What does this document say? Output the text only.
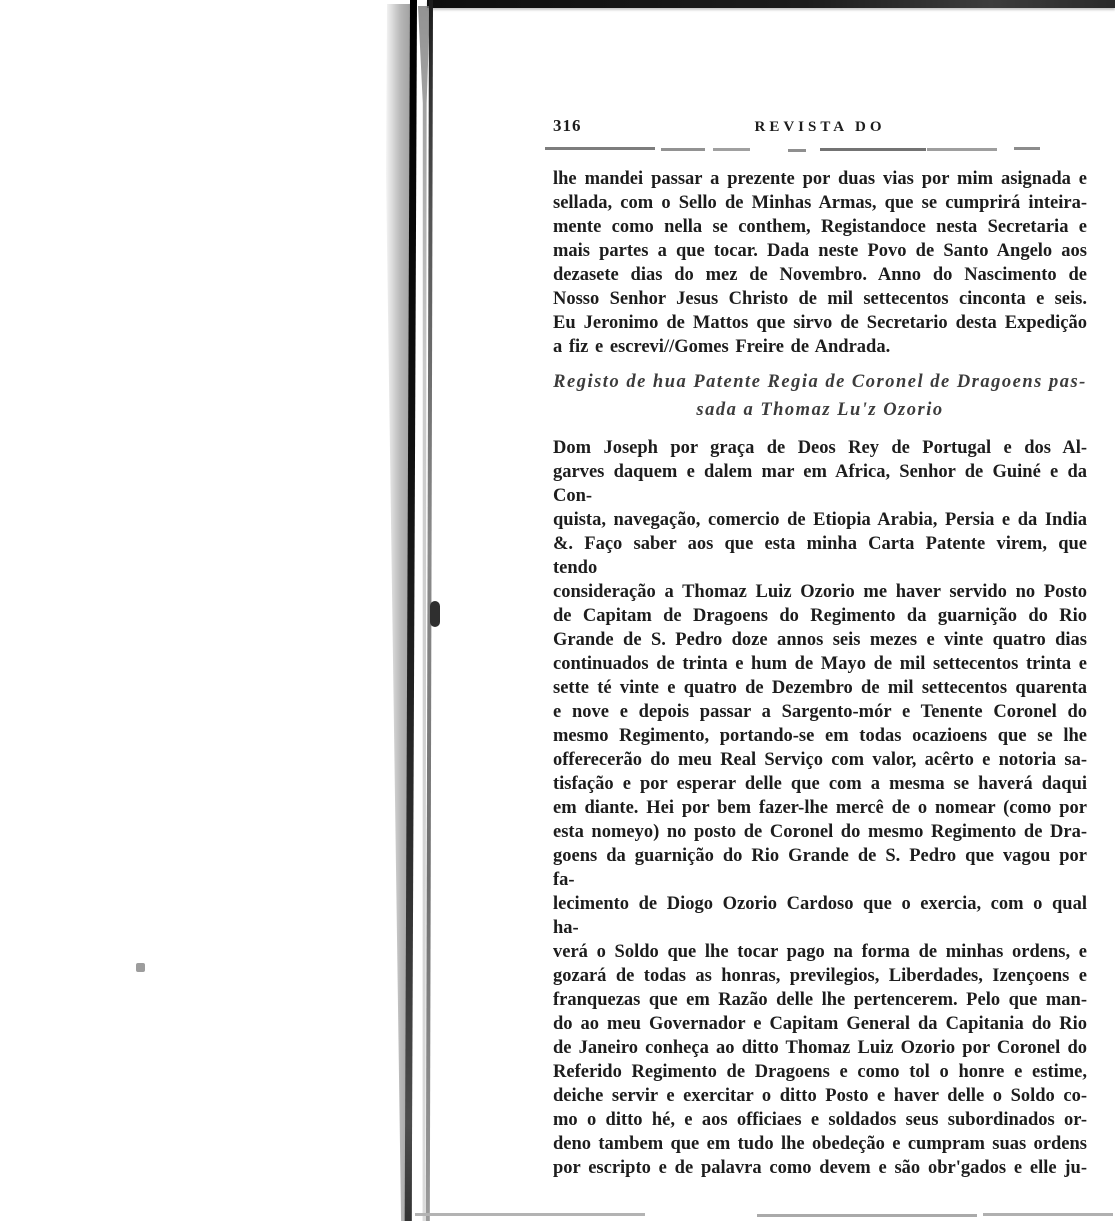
316	REVISTA DO
lhe mandei passar a prezente por duas vias por mim asignada e
sellada, com o Sello de Minhas Armas, que se cumprirá inteira-
mente como nella se conthem, Registandoce nesta Secretaria e
mais partes a que tocar. Dada neste Povo de Santo Angelo aos
dezasete dias do mez de Novembro. Anno do Nascimento de
Nosso Senhor Jesus Christo de mil settecentos cinconta e seis.
Eu Jeronimo de Mattos que sirvo de Secretario desta Expedição
a fiz e escrevi//Gomes Freire de Andrada.
Registo de hua Patente Regia de Coronel de Dragoens pas-
sada a Thomaz Lu'z Ozorio
Dom Joseph por graça de Deos Rey de Portugal e dos Al-
garves daquem e dalem mar em Africa, Senhor de Guiné e da Con-
quista, navegação, comercio de Etiopia Arabia, Persia e da India
&. Faço saber aos que esta minha Carta Patente virem, que tendo
consideração a Thomaz Luiz Ozorio me haver servido no Posto
de Capitam de Dragoens do Regimento da guarnição do Rio
Grande de S. Pedro doze annos seis mezes e vinte quatro dias
continuados de trinta e hum de Mayo de mil settecentos trinta e
sette té vinte e quatro de Dezembro de mil settecentos quarenta
e nove e depois passar a Sargento-mór e Tenente Coronel do
mesmo Regimento, portando-se em todas ocazioens que se lhe
offerecerão do meu Real Serviço com valor, acêrto e notoria sa-
tisfação e por esperar delle que com a mesma se haverá daqui
em diante. Hei por bem fazer-lhe mercê de o nomear (como por
esta nomeyo) no posto de Coronel do mesmo Regimento de Dra-
goens da guarnição do Rio Grande de S. Pedro que vagou por fa-
lecimento de Diogo Ozorio Cardoso que o exercia, com o qual ha-
verá o Soldo que lhe tocar pago na forma de minhas ordens, e
gozará de todas as honras, previlegios, Liberdades, Izençoens e
franquezas que em Razão delle lhe pertencerem. Pelo que man-
do ao meu Governador e Capitam General da Capitania do Rio
de Janeiro conheça ao ditto Thomaz Luiz Ozorio por Coronel do
Referido Regimento de Dragoens e como tol o honre e estime,
deiche servir e exercitar o ditto Posto e haver delle o Soldo co-
mo o ditto hé, e aos officiaes e soldados seus subordinados or-
deno tambem que em tudo lhe obedeção e cumpram suas ordens
por escripto e de palavra como devem e são obr'gados e elle ju-
